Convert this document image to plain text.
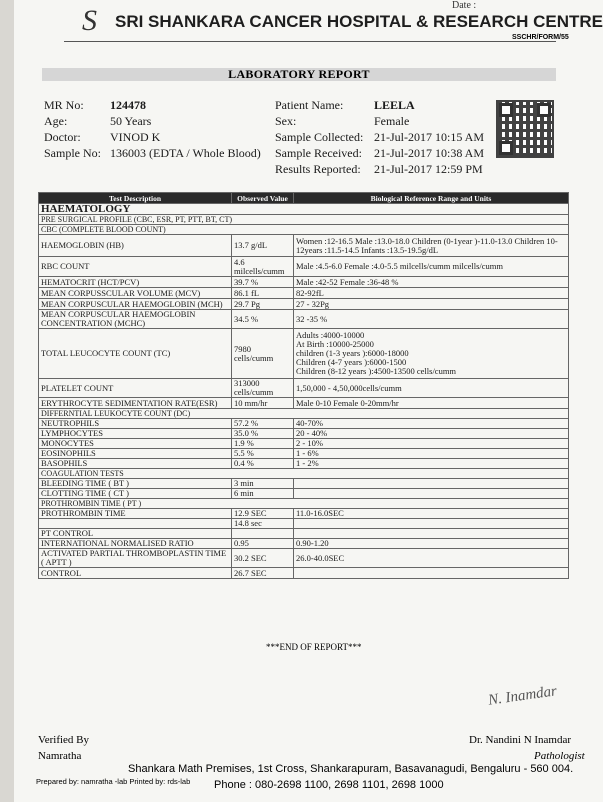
S	Date :
SRI SHANKARA CANCER HOSPITAL & RESEARCH CENTRE
SSCHR/FORM/55
LABORATORY REPORT
MR No: 124478
Age:	50 Years
Doctor: VINOD K
Sample No: 136003 (EDTA / Whole Blood)
Patient Name:	LEELA
Sex:	Female
Sample Collected: 21-Jul-2017 10:15 AM
Sample Received: 21-Jul-2017 10:38 AM
Results Reported: 21-Jul-2017 12:59 PM
Test Description	Observed Value	Biological Reference Range and Units
HAEMATOLOGY		
PRE SURGICAL PROFILE (CBC, ESR, PT, PTT, BT, CT)		
CBC (COMPLETE BLOOD COUNT)		
HAEMOGLOBIN (HB)	13.7 g/dL	Women :12-16.5 Male :13.0-18.0 Children (0-1year )-11.0-13.0 Children 10-12years :11.5-14.5 Infants :13.5-19.5g/dL
RBC COUNT	4.6 milcells/cumm	Male :4.5-6.0 Female :4.0-5.5 milcells/cumm milcells/cumm
HEMATOCRIT (HCT/PCV)	39.7 %	Male :42-52 Female :36-48 %
MEAN CORPUSSCULAR VOLUME (MCV)	86.1 fL	82-92fL
MEAN CORPUSCULAR HAEMOGLOBIN (MCH)	29.7 Pg	27 - 32Pg
MEAN CORPUSCULAR HAEMOGLOBIN CONCENTRATION (MCHC)	34.5 %	32 -35 %
TOTAL LEUCOCYTE COUNT (TC)	7980 cells/cumm	Adults :4000-10000
At Birth :10000-25000
children (1-3 years ):6000-18000
Children (4-7 years ):6000-1500
Children (8-12 years ):4500-13500 cells/cumm
PLATELET COUNT	313000 cells/cumm	1,50,000 - 4,50,000cells/cumm
ERYTHROCYTE SEDIMENTATION RATE(ESR)	10 mm/hr	Male 0-10 Female 0-20mm/hr
DIFFERNTIAL LEUKOCYTE COUNT (DC)		
NEUTROPHILS	57.2 %	40-70%
LYMPHOCYTES	35.0 %	20 - 40%
MONOCYTES	1.9 %	2 - 10%
EOSINOPHILS	5.5 %	1 - 6%
BASOPHILS	0.4 %	1 - 2%
COAGULATION TESTS		
BLEEDING TIME ( BT )	3 min	
CLOTTING TIME ( CT )	6 min	
PROTHROMBIN TIME ( PT )		
PROTHROMBIN TIME	12.9 SEC	11.0-16.0SEC
	14.8 sec	
PT CONTROL		
INTERNATIONAL NORMALISED RATIO	0.95	0.90-1.20
ACTIVATED PARTIAL THROMBOPLASTIN TIME ( APTT )	30.2 SEC	26.0-40.0SEC
CONTROL	26.7 SEC	
***END OF REPORT***
N. Inamdar
Verified By
Namratha
Dr. Nandini N Inamdar
Pathologist
Shankara Math Premises, 1st Cross, Shankarapuram, Basavanagudi, Bengaluru - 560 004.
Prepared by: namratha -lab Printed by: rds-lab Phone : 080-2698 1100, 2698 1101, 2698 1000
